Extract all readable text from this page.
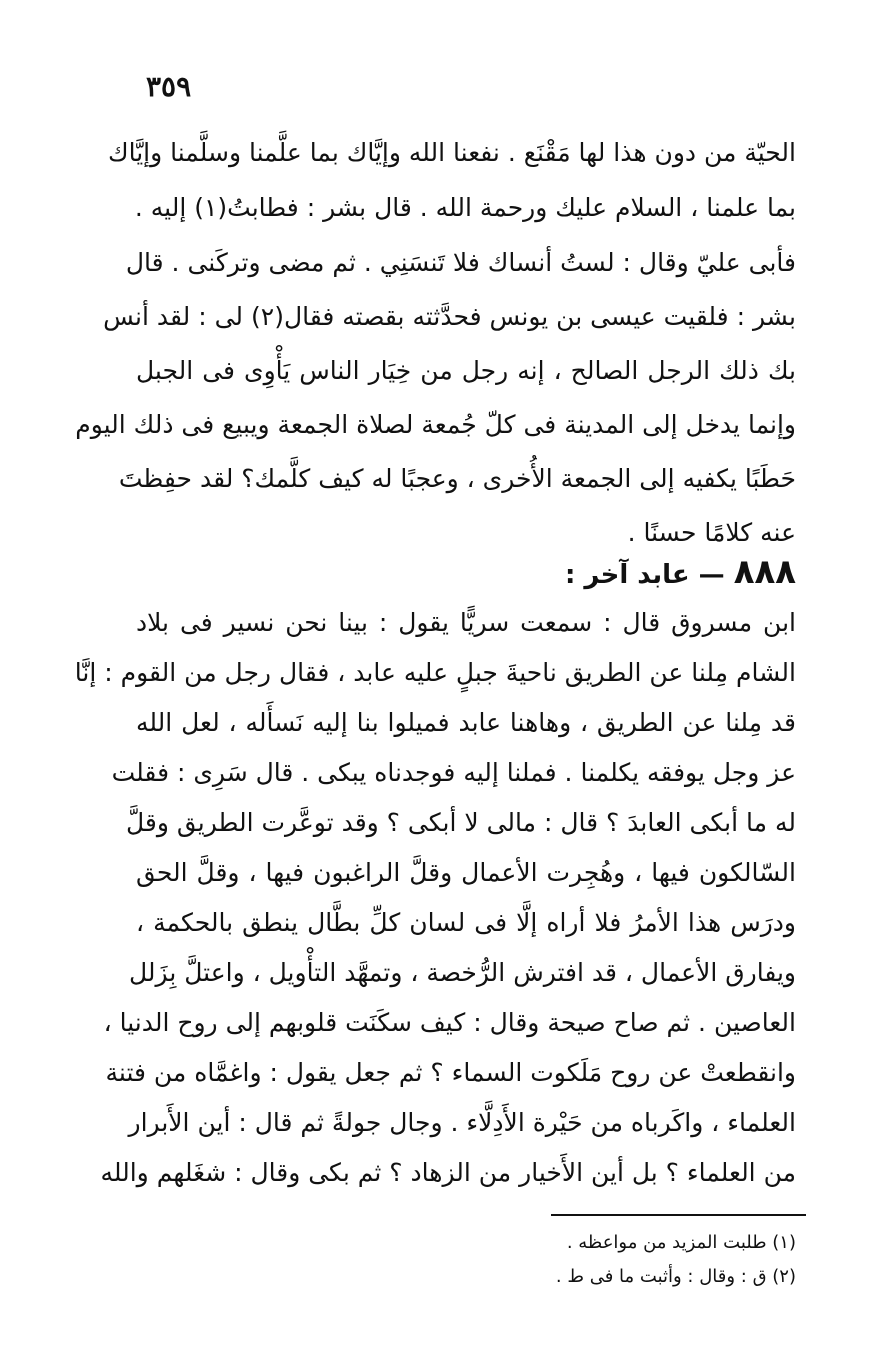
٣٥٩
الحيّة من دون هذا لها مَقْنَع . نفعنا الله وإيَّاك بما علَّمنا وسلَّمنا وإيَّاك
بما علمنا ، السلام عليك ورحمة الله . قال بشر : فطابتُ(١) إليه .
فأبى عليّ وقال : لستُ أنساك فلا تَنسَنِي . ثم مضى وتركَنى . قال
بشر : فلقيت عيسى بن يونس فحدَّثته بقصته فقال(٢) لى : لقد أنس
بك ذلك الرجل الصالح ، إنه رجل من خِيَار الناس يَأْوِى فى الجبل
وإنما يدخل إلى المدينة فى كلّ جُمعة لصلاة الجمعة ويبيع فى ذلك اليوم
حَطَبًا يكفيه إلى الجمعة الأُخرى ، وعجبًا له كيف كلَّمك؟ لقد حفِظتَ
عنه كلامًا حسنًا .
٨٨٨ — عابد آخر :
ابن مسروق قال : سمعت سريًّا يقول : بينا نحن نسير فى بلاد
الشام مِلنا عن الطريق ناحيةَ جبلٍ عليه عابد ، فقال رجل من القوم : إنَّا
قد مِلنا عن الطريق ، وهاهنا عابد فميلوا بنا إليه نَسأَله ، لعل الله
عز وجل يوفقه يكلمنا . فملنا إليه فوجدناه يبكى . قال سَرِى : فقلت
له ما أبكى العابدَ ؟ قال : مالى لا أبكى ؟ وقد توعَّرت الطريق وقلَّ
السّالكون فيها ، وهُجِرت الأعمال وقلَّ الراغبون فيها ، وقلَّ الحق
ودرَس هذا الأمرُ فلا أراه إلَّا فى لسان كلِّ بطَّال ينطق بالحكمة ،
ويفارق الأعمال ، قد افترش الرُّخصة ، وتمهَّد التأْويل ، واعتلَّ بِزَلل
العاصين . ثم صاح صيحة وقال : كيف سكَنَت قلوبهم إلى روح الدنيا ،
وانقطعتْ عن روح مَلَكوت السماء ؟ ثم جعل يقول : واغمَّاه من فتنة
العلماء ، واكَرباه من حَيْرة الأَدِلَّاء . وجال جولةً ثم قال : أين الأَبرار
من العلماء ؟ بل أين الأَخيار من الزهاد ؟ ثم بكى وقال : شغَلهم والله
(١) طلبت المزيد من مواعظه .
(٢) ق : وقال : وأثبت ما فى ط .
